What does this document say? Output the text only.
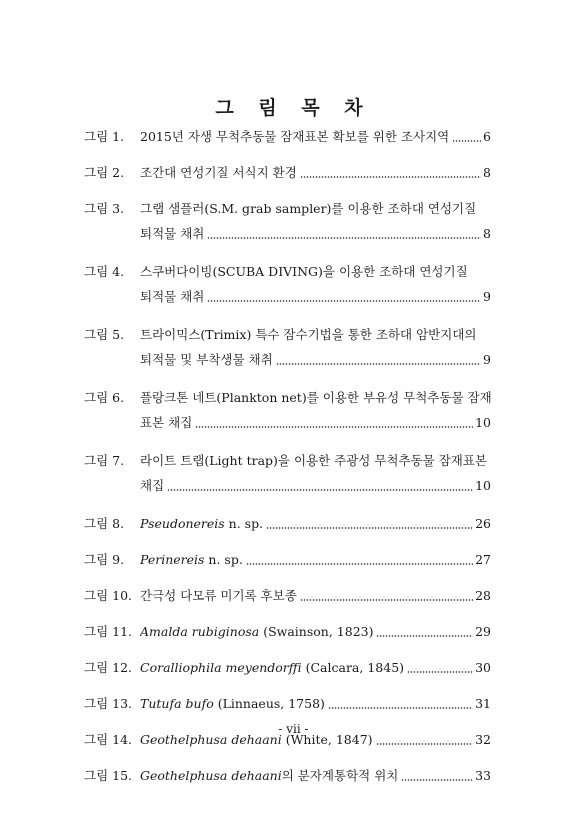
그 림 목 차
그림 1.	2015년 자생 무척추동물 잠재표본 확보를 위한 조사지역	6
그림 2.	조간대 연성기질 서식지 환경	8
그림 3.	그랩 샘플러(S.M. grab sampler)를 이용한 조하대 연성기질
퇴적물 채취	8
그림 4.	스쿠버다이빙(SCUBA DIVING)을 이용한 조하대 연성기질
퇴적물 채취	9
그림 5.	트라이믹스(Trimix) 특수 잠수기법을 통한 조하대 암반지대의
퇴적물 및 부착생물 채취	9
그림 6.	플랑크톤 네트(Plankton net)를 이용한 부유성 무척추동물 잠재
표본 채집	10
그림 7.	라이트 트랩(Light trap)을 이용한 주광성 무척추동물 잠재표본
채집	10
그림 8.	Pseudonereis n. sp.	26
그림 9.	Perinereis n. sp.	27
그림 10. 간극성 다모류 미기록 후보종	28
그림 11. Amalda rubiginosa (Swainson, 1823)	29
그림 12. Coralliophila meyendorffi (Calcara, 1845)	30
그림 13. Tutufa bufo (Linnaeus, 1758)	31
그림 14. Geothelphusa dehaani (White, 1847)	32
그림 15. Geothelphusa dehaani의 분자계통학적 위치	33
- vii -
